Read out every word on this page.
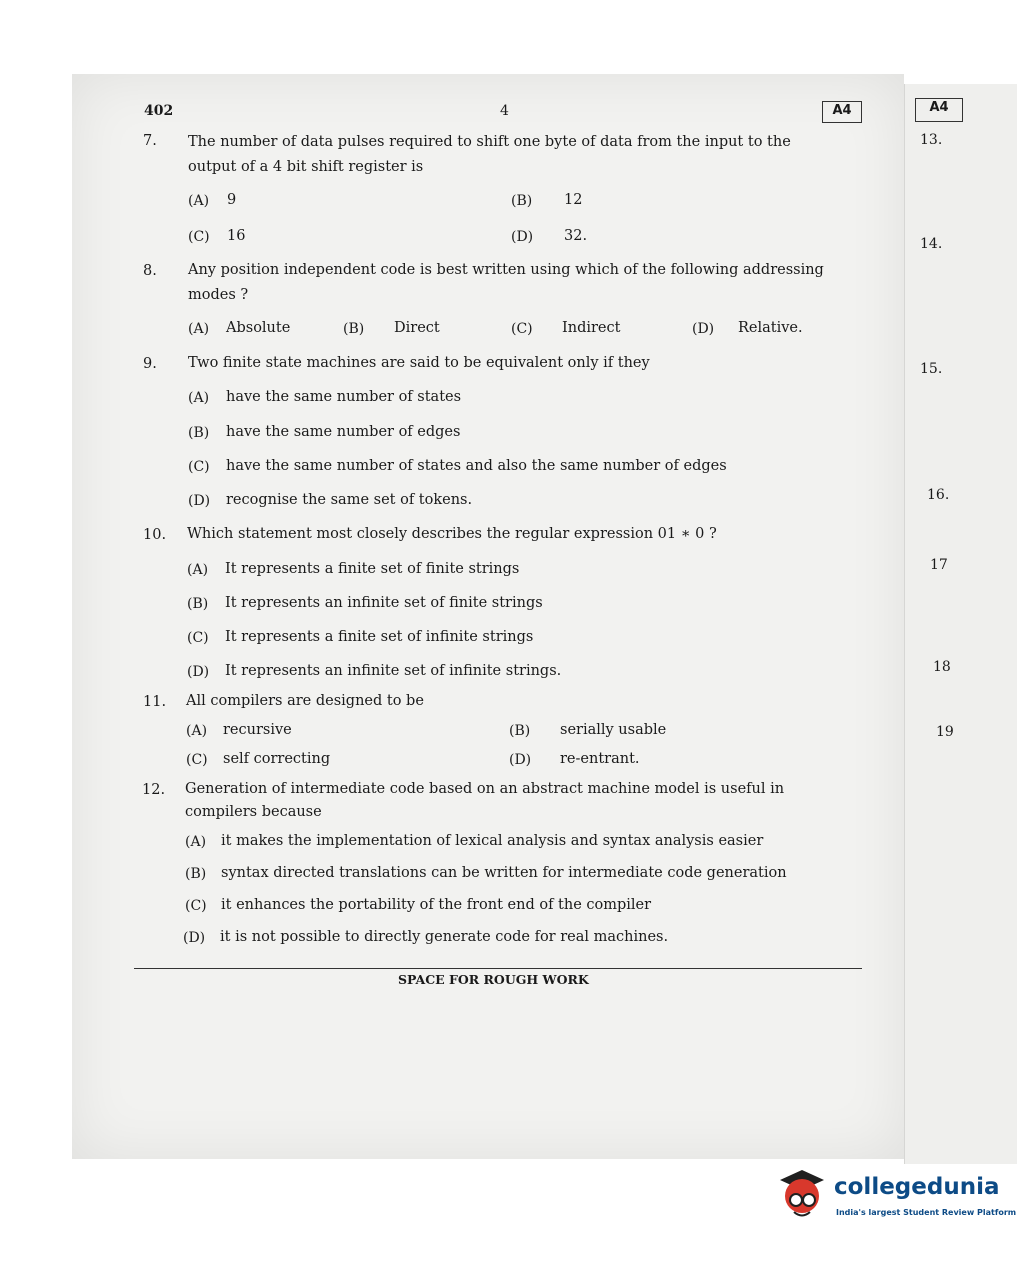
402	4	A4	A4
13.
14.
15.
16.
17
18
19
7. The number of data pulses required to shift one byte of data from the input to the
output of a 4 bit shift register is
(A) 9	(B) 12
(C) 16	(D) 32.
8. Any position independent code is best written using which of the following addressing
modes ?
(A) Absolute	(B) Direct	(C) Indirect	(D) Relative.
9. Two finite state machines are said to be equivalent only if they
(A) have the same number of states
(B) have the same number of edges
(C) have the same number of states and also the same number of edges
(D) recognise the same set of tokens.
10. Which statement most closely describes the regular expression 01 ∗ 0 ?
(A) It represents a finite set of finite strings
(B) It represents an infinite set of finite strings
(C) It represents a finite set of infinite strings
(D) It represents an infinite set of infinite strings.
11. All compilers are designed to be
(A) recursive	(B) serially usable
(C) self correcting	(D) re-entrant.
12. Generation of intermediate code based on an abstract machine model is useful in
compilers because
(A) it makes the implementation of lexical analysis and syntax analysis easier
(B) syntax directed translations can be written for intermediate code generation
(C) it enhances the portability of the front end of the compiler
(D) it is not possible to directly generate code for real machines.
SPACE FOR ROUGH WORK
collegedunia
India's largest Student Review Platform
